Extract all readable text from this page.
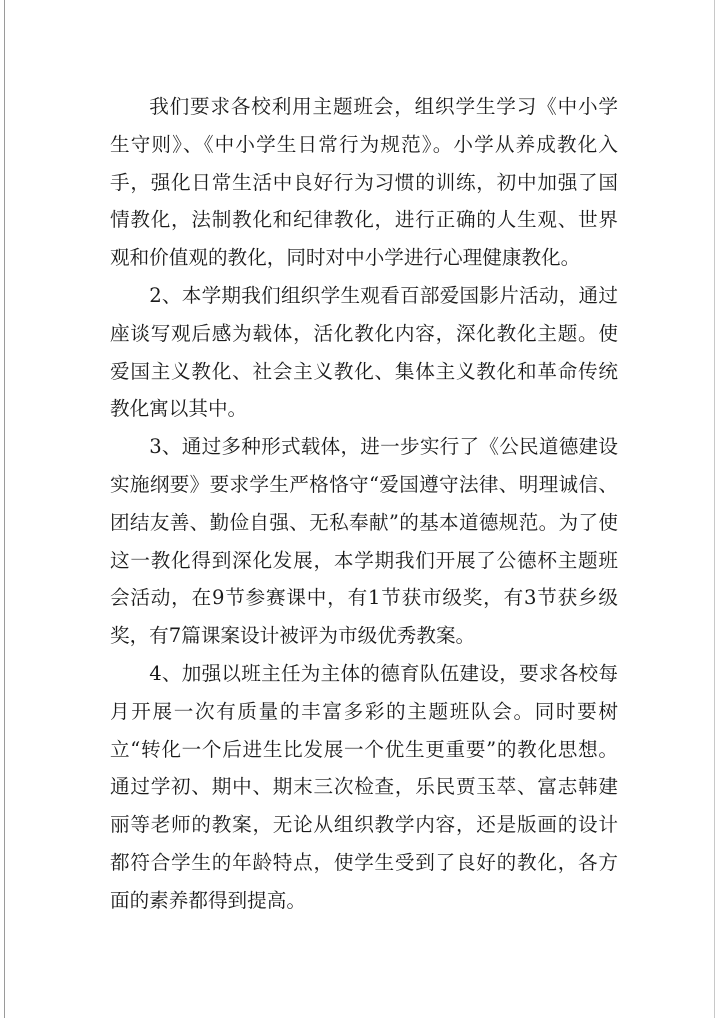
我们要求各校利用主题班会，组织学生学习《中小学生守则》、《中小学生日常行为规范》。小学从养成教化入手，强化日常生活中良好行为习惯的训练，初中加强了国情教化，法制教化和纪律教化，进行正确的人生观、世界观和价值观的教化，同时对中小学进行心理健康教化。

2、本学期我们组织学生观看百部爱国影片活动，通过座谈写观后感为载体，活化教化内容，深化教化主题。使爱国主义教化、社会主义教化、集体主义教化和革命传统教化寓以其中。

3、通过多种形式载体，进一步实行了《公民道德建设实施纲要》要求学生严格恪守“爱国遵守法律、明理诚信、团结友善、勤俭自强、无私奉献”的基本道德规范。为了使这一教化得到深化发展，本学期我们开展了公德杯主题班会活动，在9节参赛课中，有1节获市级奖，有3节获乡级奖，有7篇课案设计被评为市级优秀教案。

4、加强以班主任为主体的德育队伍建设，要求各校每月开展一次有质量的丰富多彩的主题班队会。同时要树立“转化一个后进生比发展一个优生更重要”的教化思想。通过学初、期中、期末三次检查，乐民贾玉萃、富志韩建丽等老师的教案，无论从组织教学内容，还是版画的设计都符合学生的年龄特点，使学生受到了良好的教化，各方面的素养都得到提高。
